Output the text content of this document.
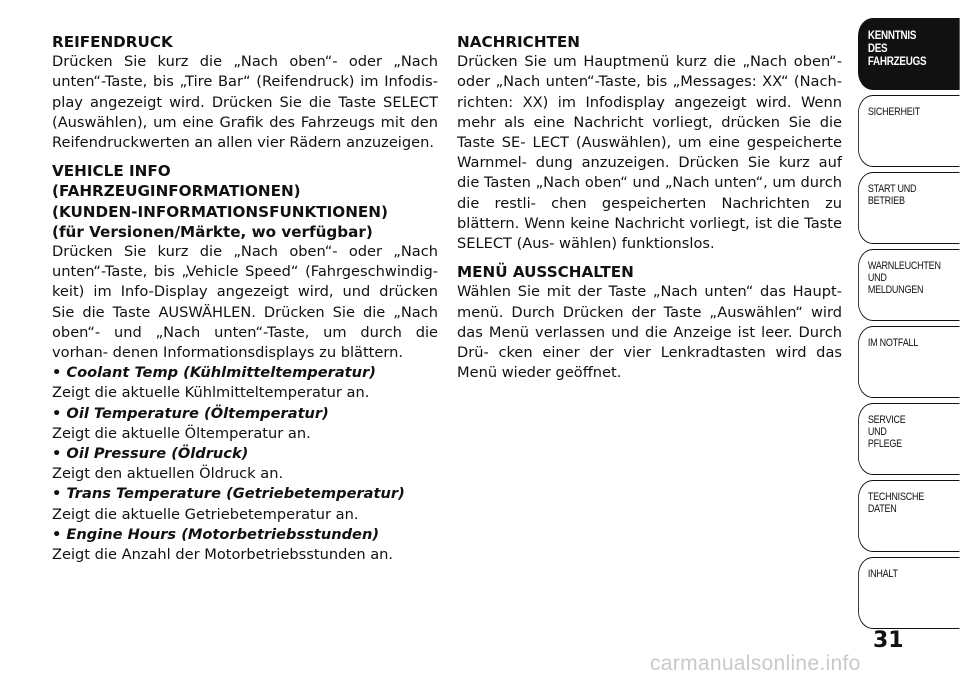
REIFENDRUCK

Drücken Sie kurz die „Nach oben“- oder „Nach unten“-Taste, bis „Tire Bar“ (Reifendruck) im Infodis- play angezeigt wird. Drücken Sie die Taste SELECT (Auswählen), um eine Grafik des Fahrzeugs mit den Reifendruckwerten an allen vier Rädern anzuzeigen.

VEHICLE INFO

(FAHRZEUGINFORMATIONEN)

(KUNDEN-INFORMATIONSFUNKTIONEN)

(für Versionen/Märkte, wo verfügbar)

Drücken Sie kurz die „Nach oben“- oder „Nach unten“-Taste, bis „Vehicle Speed“ (Fahrgeschwindig- keit) im Info-Display angezeigt wird, und drücken Sie die Taste AUSWÄHLEN. Drücken Sie die „Nach oben“- und „Nach unten“-Taste, um durch die vorhan- denen Informationsdisplays zu blättern.

• Coolant Temp (Kühlmitteltemperatur)

Zeigt die aktuelle Kühlmitteltemperatur an.

• Oil Temperature (Öltemperatur)

Zeigt die aktuelle Öltemperatur an.

• Oil Pressure (Öldruck)

Zeigt den aktuellen Öldruck an.

• Trans Temperature (Getriebetemperatur)

Zeigt die aktuelle Getriebetemperatur an.

• Engine Hours (Motorbetriebsstunden)

Zeigt die Anzahl der Motorbetriebsstunden an.

NACHRICHTEN

Drücken Sie um Hauptmenü kurz die „Nach oben“- oder „Nach unten“-Taste, bis „Messages: XX“ (Nach- richten: XX) im Infodisplay angezeigt wird. Wenn mehr als eine Nachricht vorliegt, drücken Sie die Taste SE- LECT (Auswählen), um eine gespeicherte Warnmel- dung anzuzeigen. Drücken Sie kurz auf die Tasten „Nach oben“ und „Nach unten“, um durch die restli- chen gespeicherten Nachrichten zu blättern. Wenn keine Nachricht vorliegt, ist die Taste SELECT (Aus- wählen) funktionslos.

MENÜ AUSSCHALTEN

Wählen Sie mit der Taste „Nach unten“ das Haupt- menü. Durch Drücken der Taste „Auswählen“ wird das Menü verlassen und die Anzeige ist leer. Durch Drü- cken einer der vier Lenkradtasten wird das Menü wieder geöffnet.

KENNTNIS
DES
FAHRZEUGS
SICHERHEIT
START UND
BETRIEB
WARNLEUCHTEN
UND
MELDUNGEN
IM NOTFALL
SERVICE
UND
PFLEGE
TECHNISCHE
DATEN
INHALT
31
carmanualsonline.info
